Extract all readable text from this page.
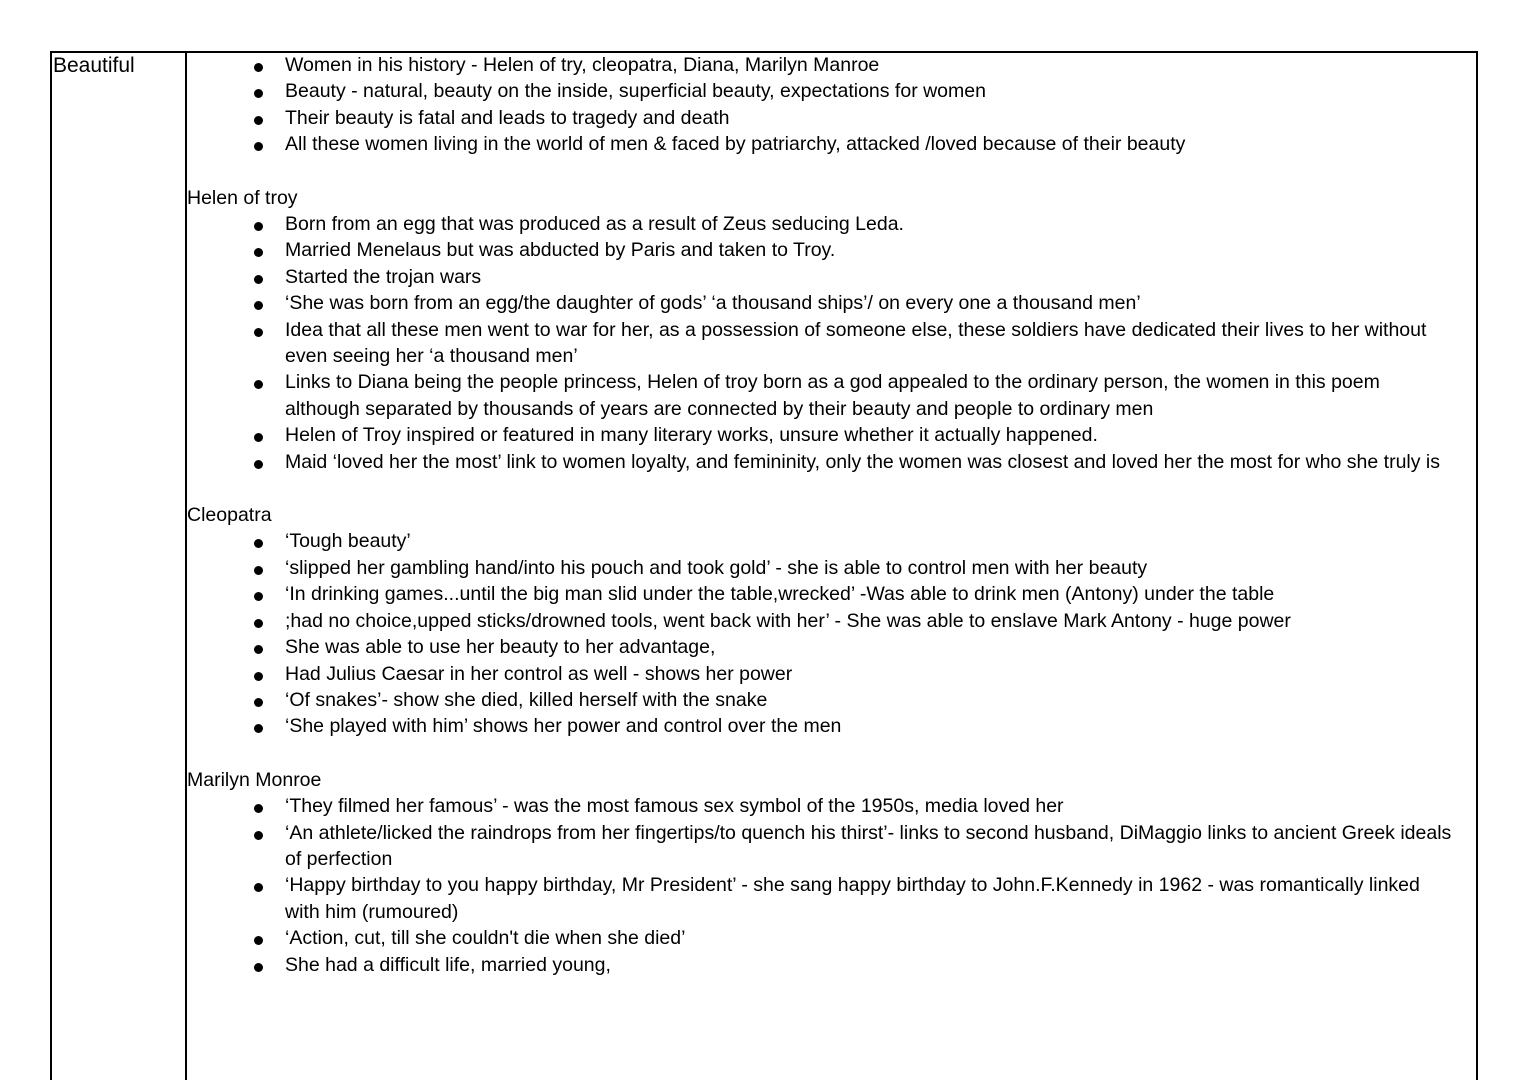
Beautiful	Women in his history - Helen of try, cleopatra, Diana, Marilyn Manroe
Beauty - natural, beauty on the inside, superficial beauty, expectations for women
Their beauty is fatal and leads to tragedy and death
All these women living in the world of men & faced by patriarchy, attacked /loved because of their beauty
Helen of troy
Born from an egg that was produced as a result of Zeus seducing Leda.
Married Menelaus but was abducted by Paris and taken to Troy.
Started the trojan wars
‘She was born from an egg/the daughter of gods’ ‘a thousand ships’/ on every one a thousand men’
Idea that all these men went to war for her, as a possession of someone else, these soldiers have dedicated their lives to her without
even seeing her ‘a thousand men’
Links to Diana being the people princess, Helen of troy born as a god appealed to the ordinary person, the women in this poem
although separated by thousands of years are connected by their beauty and people to ordinary men
Helen of Troy inspired or featured in many literary works, unsure whether it actually happened.
Maid ‘loved her the most’ link to women loyalty, and femininity, only the women was closest and loved her the most for who she truly is
Cleopatra
‘Tough beauty’
‘slipped her gambling hand/into his pouch and took gold’ - she is able to control men with her beauty
‘In drinking games...until the big man slid under the table,wrecked’ -Was able to drink men (Antony) under the table
;had no choice,upped sticks/drowned tools, went back with her’ - She was able to enslave Mark Antony - huge power
She was able to use her beauty to her advantage,
Had Julius Caesar in her control as well - shows her power
‘Of snakes’- show she died, killed herself with the snake
‘She played with him’ shows her power and control over the men
Marilyn Monroe
‘They filmed her famous’ - was the most famous sex symbol of the 1950s, media loved her
‘An athlete/licked the raindrops from her fingertips/to quench his thirst’- links to second husband, DiMaggio links to ancient Greek ideals
of perfection
‘Happy birthday to you happy birthday, Mr President’ - she sang happy birthday to John.F.Kennedy in 1962 - was romantically linked
with him (rumoured)
‘Action, cut, till she couldn't die when she died’
She had a difficult life, married young,
